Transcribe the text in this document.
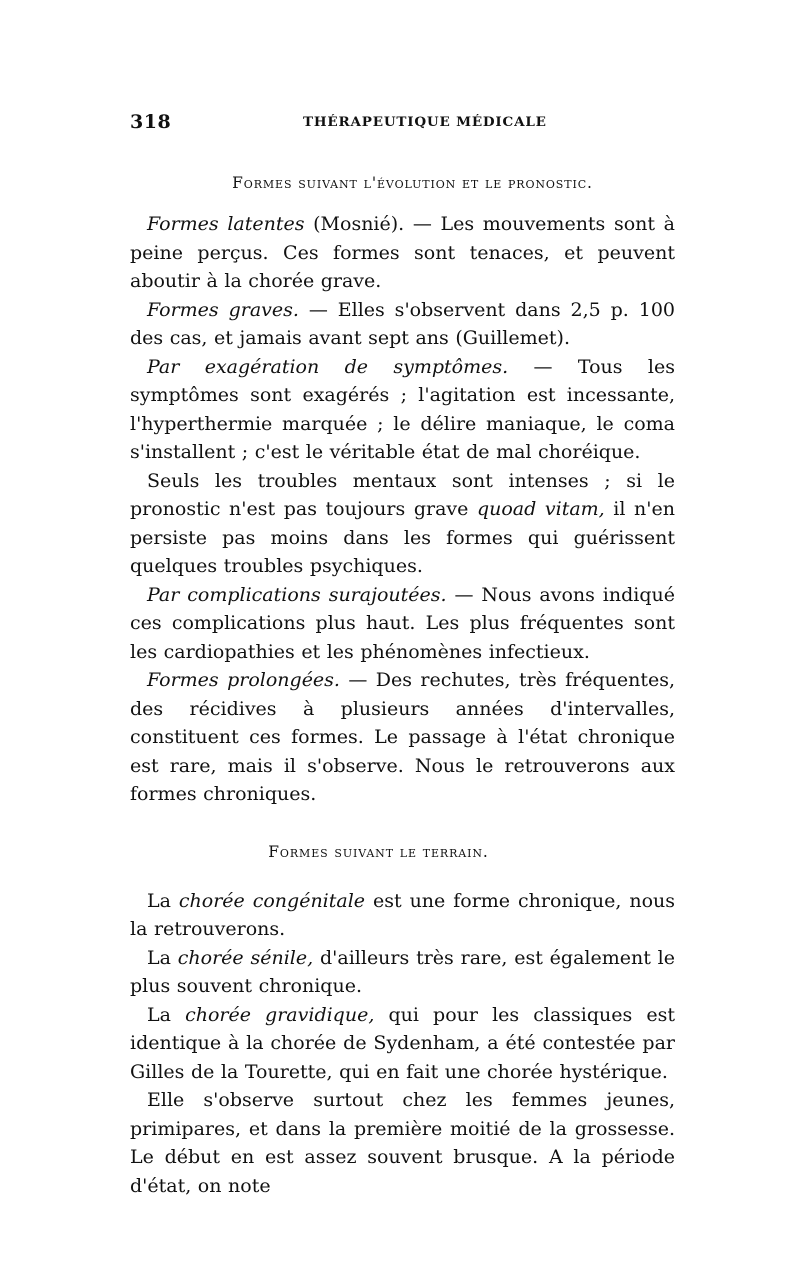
318	THÉRAPEUTIQUE MÉDICALE
Formes suivant l'évolution et le pronostic.

Formes latentes (Mosnié). — Les mouvements sont à peine perçus. Ces formes sont tenaces, et peuvent aboutir à la chorée grave.

Formes graves. — Elles s'observent dans 2,5 p. 100 des cas, et jamais avant sept ans (Guillemet).

Par exagération de symptômes. — Tous les symptômes sont exagérés ; l'agitation est incessante, l'hyperthermie marquée ; le délire maniaque, le coma s'installent ; c'est le véritable état de mal choréique.

Seuls les troubles mentaux sont intenses ; si le pronostic n'est pas toujours grave quoad vitam, il n'en persiste pas moins dans les formes qui guérissent quelques troubles psychiques.

Par complications surajoutées. — Nous avons indiqué ces complications plus haut. Les plus fréquentes sont les cardiopathies et les phénomènes infectieux.

Formes prolongées. — Des rechutes, très fréquentes, des récidives à plusieurs années d'intervalles, constituent ces formes. Le passage à l'état chronique est rare, mais il s'observe. Nous le retrouverons aux formes chroniques.

Formes suivant le terrain.

La chorée congénitale est une forme chronique, nous la retrouverons.

La chorée sénile, d'ailleurs très rare, est également le plus souvent chronique.

La chorée gravidique, qui pour les classiques est identique à la chorée de Sydenham, a été contestée par Gilles de la Tourette, qui en fait une chorée hystérique.

Elle s'observe surtout chez les femmes jeunes, primipares, et dans la première moitié de la grossesse. Le début en est assez souvent brusque. A la période d'état, on note
